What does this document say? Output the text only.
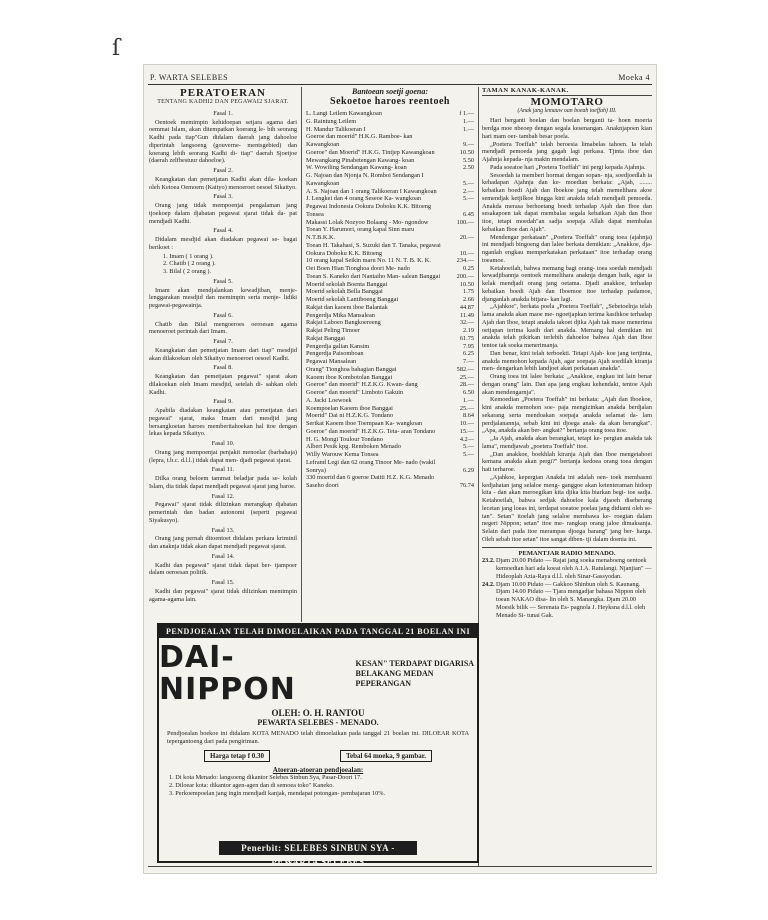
ſ
P. WARTA SELEBES	Moeka 4
PERATOERAN
TENTANG KADHI2 DAN PEGAWAI2 SJARAT.
Fasal 1.
Oentoek memimpin kehidoepan setjara agama dari oemmat Islam, akan ditempatkan koerang le- bih seorang Kadhi pada tiap"Gun didalam daerah jang dahoeloe diperintah langsoeng (gouverne- mentsgebied) dan koerang lebih seorang Kadhi di- tiap" daerah Sjoetjoe (daerah zelfbestuur dahoeloe).
Fasal 2.
Keangkatan dan pemetjatan Kadhi akan dila- koekan oleh Ketoea Oemoem (Kaityo) menoeroet oesoel Sikaityo.
Fasal 3.
Orang jang tidak mempoenjai pengalaman jang tjoekoep dalam djabatan pegawai sjarat tidak da- pat mendjadi Kadhi.
Fasal 4.
Didalam mesdjid akan diadakan pegawai se- bagai berikoet :
1. Imam ( 1 orang ).
2. Chatib ( 2 orang ).
3. Bilal ( 2 orang ).
Fasal 5.
Imam akan mendjalankan kewadjiban, menje- lenggarakan mesdjid dan memimpin serta menje- lidiki pegawai-pegawainja.
Fasal 6.
Chatib dan Bilal mengoeroes oeroesan agama menoeroet perintah dari Imam.
Fasal 7.
Keangkatan dan pemetjatan Imam dari tiap" mesdjid akan dilakoekan oleh Sikaityo menoeroet oesoel Kadhi.
Fasal 8.
Keangkatan dan pemetjatan pegawai" sjarat akan dilakoekan oleh Imam mesdjid, setelah di- sahkan oleh Kadhi.
Fasal 9.
Apabila diadakan keangkatan atau pemetjatan dari pegawai" sjarat, maka Imam dari mesdjid jang bersangkoetan haroes memberitahoekan hal itoe dengan lekas kepada Sikaityo.
Fasal 10.
Orang jang mempoenjai penjakit menoelar (barbahaja) (lepra, t.b.c. d.l.l.) tidak dapat men- djadi pegawai sjarat.
Fasal 11.
Dilka orang beloem tammat beladjar pada se- kolah Islam, dia tidak dapat mendjadi pegawai sjarat jang baroe.
Fasal 12.
Pegawai" sjarat tidak dilizinkan merangkap djabatan pemerintah dan badan autonomi (seperti pegawai Siyakusyo).
Fasal 13.
Orang jang pernah ditoentoet didalam perkara kriminil dan anaknja tidak akan dapat mendjadi pegawai sjarat.
Fasal 14.
Kadhi dan pegawai" sjarat tidak dapat ber- tjampoer dalam oeroesan politik.
Fasal 15.
Kadhi dan pegawai" sjarat tidak dilizinkan memimpin agama-agama lain.
Bantoean soetji goena:
Sekoetoe haroes reentoeh
L. Langi Leilem Kawangkoan	f 1.—
G. Raintung Leilem	1.—
H. Mandur Talikoeran I	1.—
Goeroe dan moerid" H.K.G. Ramboe- kan Kawangkoan	9.—
Goeroe" dan Moerid" H.K.G. Tintjep Kawangkoan	10.50
Mewangkang Pinabetengan Kawang- koan	5.50
W. Wowiling Sendangan Kawang- koan	2.50
G. Najoan dan Njonja N. Romboi Sendangan I Kawangkoan	5.—
A. S. Najoan dan 1 orang Talikoeran I Kawangkoan	2.—
J. Lengkei dan 4 orang Seseoe Ka- wangkoan	5.—
Pegawai Indonesia Ookura Doboku K.K. Bitoeng Tonsea	6.45
Makassi Lolak Nozyoo Bolaang - Mo- ngondow	100.—
Toean Y. Harumori, orang kapal Sinn maru N.T.B.K.K.	20.—
Toean H. Takahasi, S. Suzuki dan T. Tanaka, pegawai Ookura Doboku K.K. Bitoeng	10.—
10 orang kapal Seikin maru No. 11 N. T. B. K. K.	234.—
Oei Boen Hian Tionghoa doori Me- nado	0.25
Toean S. Kaneko dari Nantaiho Man- salean Banggai	200.—
Moerid sekolah Boenta Banggai	10.50
Moerid sekolah Bella Banggai	1.75
Moerid sekolah Lantiboeng Banggai	2.66
Rakjat dan kaoem iboe Balantak	44.87
Pengerdja Mika Mansalean	11.49
Rakjat Laboeo Bangkoereeng	32.—
Rakjat Peling Timoer	2.19
Rakjat Banggai	61.75
Pengerdja galian Kansim	7.95
Pengerdja Paisomboan	6.25
Pegawai Mansalean	7.—
Orang" Tionghoa bahagian Banggai	582.—
Kaoem iboe Kombotolan Banggai	25.—
Goeroe" dan moerid" H.Z.K.G. Kwan- dang	28.—
Goeroe" dan moerid" Limboto Gakuin	6.50
A. Jacki Loewoek	1.—
Koempoelan Kaoem iboe Banggai	25.—
Moerid" Dai ni H.Z.K.G. Tondano	8.64
Serikat Kaoem iboe Toempaan Ka- wangkoan	10.—
Goeroe" dan moerid" H.Z.K.G. Teta- aran Tondano	15.—
H. G. Mongi Toulour Tondano	4.2—
Albert Pesik kpg. Remboken Menado	5.—
Willy Warouw Kema Tonsea	5.—
Lefrand Legi dan 62 orang Tinoor Me- nado (wakil Sonrya)	6.29
330 moerid dan 6 goeroe Daiiti H.Z. K.G. Menado Saseho doori	76.74
TAMAN KANAK-KANAK.
MOMOTARO
(Anak jang lemauw oan boeah toeffah) III.
Hari berganti boelan dan boelan berganti ta- hoen moeria berdga moe nbeoep dengan segala kesenangan. Anaknjapoen kian hari mam oer- tambah besar poela.
„Poetera Toeffah" telah beroesia limabelas tahoen. Ia telah mendjadi pemoeda jang gagah lagi perkasa. Tjinta iboe dan Ajahnja kepada- nja makin mendalam.
Pada soeatoe hari „Poetera Toeffah" ini pergi kepada Ajahnja.
Sesoedah ia memberi hormat dengan sopan- nja, soedjoedlah ia kehadapan Ajahnja dan ke- moedian berkata: „Ajah, ........ kebaikan boedi Ajah dan Iboekoe jang telah memelihara akoe semendjak ketjilkoe hingga kini anakda telah mendjadi pemoeda. Anakda merasa berhoetang boedi terhadap Ajah dan Iboe dan sesakapoen tak dapat membalas segala kebaikan Ajah dan Iboe itoe, tetapi moedah"an sadja soepaja Allah dapat membalas kebaikan Iboe dan Ajah".
Mendengar perkataan" „Poetera Toeffah" orang toea (ajahnja) ini mendjadi bingoeng dan lalee berkata demikian: „Anakkoe, dja- nganlah engkau memperkatakan perkataan" itoe terhadap orang toeamoe.
Ketahoeilah, bahwa memang bagi orang- toea soedah mendjadi kewadjibannja oentoek memelihara anaknja dengan baik, agar ia kelak mendjadi orang jang oetama. Djadi anakkoe, terhadap kebaikan boedi Ajah dan Iboemoe itoe terhadap padamoe, djanganlah anakda bitjara- kan lagi.
„Ajahkoe", berkata poela „Poetera Toeffah", „Sebetoelnja telah lama anakda akan maoe me- ngoetjapkan terima kasihkoe terhadap Ajah dan Iboe, tetapi anakda takoet djika Ajah tak maoe menerima oetjapan terima kasih dari anakda. Memang hal demikian ini anakda telah pikirkan terlebih dahoeloe bahwa Ajah dan Iboe tentoe tak soeka menerimanja.
Dan benar, kini telah terboekti. Tetapi Ajah- koe jang tertjinta, anakda memohon kepada Ajah, agar soepaja Ajah soedilah kiranja men- dengarkan lebih landjoet akan perkataan anakda".
Orang toea ini lalee berkata: „Anakkoe, engkau ini lain benar dengan orang" lain. Dan apa jang engkau kehendaki, tentoe Ajah akan mendengarnja".
Kemoedian „Poetera Toeffah" ini berkata: „Ajah dan Iboekoe, kini anakda memohon soe- paja mengizinkan anakda berdjalan sekarang serta mendoakan soepaja anakda selamat da- lam perdjalanannja, sebab kini ini djoega anak- da akan berangkat". „Apa, anakda akan ber- angkat?" bertanja orang toea itoe.
„Ja Ajah, anakda akan berangkat, tetapi ke- pergian anakda tak lama", mendjawab „poetera Toeffah" itoe.
„Dan anakkoe, boekhlah kiranja Ajah dan Iboe mengetahoei kemana anakda akan pergi?" bertanja kedoea orang toea dengan hati terharoe.
„Ajahkoe, kepergian Anakda ini adalah oen- toek membasmi kedjahatan jang selaloe meng- ganggoe akan ketenteraman hidoep kita - dan akan meroegikan kita djika kita biarkan begi- toe sadja. Ketahoeilah, bahwa sedjak dahoeloe kala djaoeh diseberang lecetan jang loeas ini, terdapat soeatoe poelau jang didiami oleh se- tan". Setan" itoelah jang selaloe membawa ke- roegian dalam negeri Nippon; setan" itoe me- rangkap orang jaloe dimaksanja. Selain dari pada itoe merampas djoega barang" jang ber- harga. Oleh sebab itoe setan" itoe sangat diben- tji dalam doenia ini.
PEMANTJAR RADIO MENADO.
23.2. Djam 20.00 Pidato — Rajat jang soeka menaboeng oentoek kemoedian hari ada koeat oleh A.I.A. Ratulangi. Njanjian" — Hideoplah Azia-Raya d.l.l. oleh Sinar-Gassyodan.
24.2. Djam 10.00 Pidato — Gakkoo Shinbun oleh S. Kaunang. Djam 14.00 Pidato — Tjara mengadjar bahasa Nippon oleh toean NAKAO disa- lin oleh S. Manangka. Djam 20.00 Moesik bilik — Serenata Es- pagnola J. Heyksna d.l.l. oleh Menado Si- tunai Gak.
PENDJOEALAN TELAH DIMOELAIKAN PADA TANGGAL 21 BOELAN INI
DAI-NIPPON
KESAN" TERDAPAT DIGARISA
BELAKANG MEDAN PEPERANGAN
OLEH: O. H. RANTOU
PEWARTA SELEBES - MENADO.
Pendjoealan boekoe ini didalam KOTA MENADO telah dimoelaikan pada tanggal 21 boelan ini. DILOEAR KOTA tepergantoeng dari pada pengiriman.
Harga tetap f 0.30	Tebal 64 moeka, 9 gambar.
Atoeran-atoeran pendjoealan:
1. Di kota Menado: langsoeng dikantor Selebes Sinbun Sya, Pasar-Doori 17.
2. Diloear kota: dikantor agen-agen dan di semoea toko" Kaneko.
3. Perkoempoelan jang ingin mendjadi kanjak, mendapat potongan- pembajaran 10%.
Penerbit: SELEBES SINBUN SYA - PEWARTA SELEBES
